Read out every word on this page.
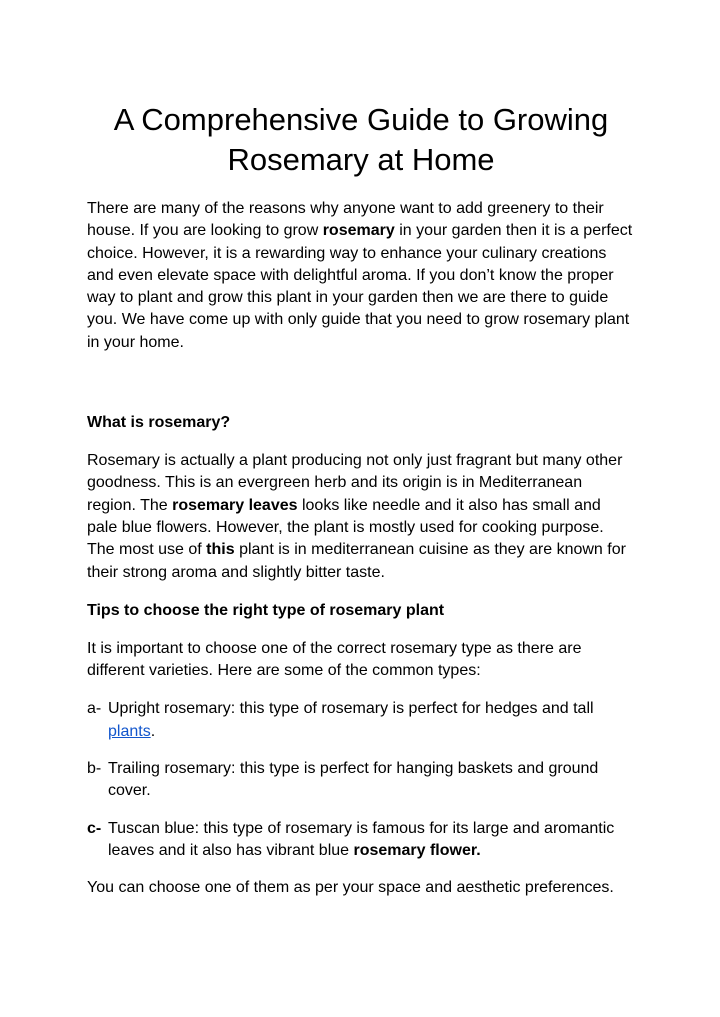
A Comprehensive Guide to Growing
Rosemary at Home

There are many of the reasons why anyone want to add greenery to their house. If you are looking to grow rosemary in your garden then it is a perfect choice. However, it is a rewarding way to enhance your culinary creations and even elevate space with delightful aroma. If you don’t know the proper way to plant and grow this plant in your garden then we are there to guide you. We have come up with only guide that you need to grow rosemary plant in your home.

What is rosemary?

Rosemary is actually a plant producing not only just fragrant but many other goodness. This is an evergreen herb and its origin is in Mediterranean region. The rosemary leaves looks like needle and it also has small and pale blue flowers. However, the plant is mostly used for cooking purpose. The most use of this plant is in mediterranean cuisine as they are known for their strong aroma and slightly bitter taste.

Tips to choose the right type of rosemary plant

It is important to choose one of the correct rosemary type as there are different varieties. Here are some of the common types:

a- Upright rosemary: this type of rosemary is perfect for hedges and tall plants.
b- Trailing rosemary: this type is perfect for hanging baskets and ground cover.
c- Tuscan blue: this type of rosemary is famous for its large and aromantic leaves and it also has vibrant blue rosemary flower.

You can choose one of them as per your space and aesthetic preferences.
